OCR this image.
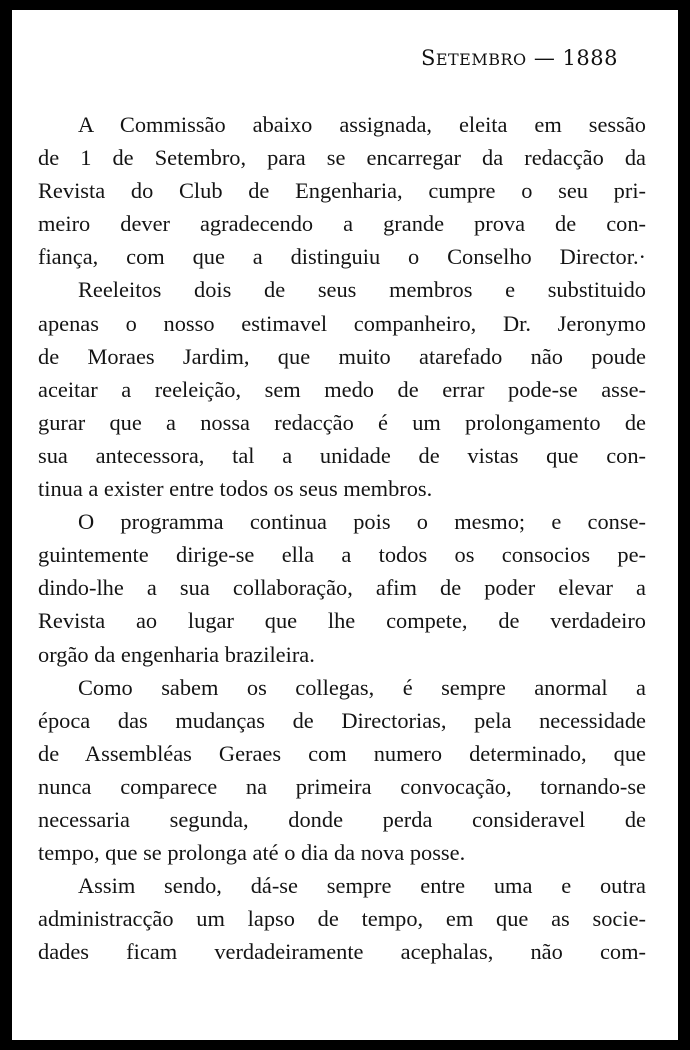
SETEMBRO — 1888
A Commissão abaixo assignada, eleita em sessão
de 1 de Setembro, para se encarregar da redacção da
Revista do Club de Engenharia, cumpre o seu pri-
meiro dever agradecendo a grande prova de con-
fiança, com que a distinguiu o Conselho Director.·
Reeleitos dois de seus membros e substituido
apenas o nosso estimavel companheiro, Dr. Jeronymo
de Moraes Jardim, que muito atarefado não poude
aceitar a reeleição, sem medo de errar pode-se asse-
gurar que a nossa redacção é um prolongamento de
sua antecessora, tal a unidade de vistas que con-
tinua a exister entre todos os seus membros.
O programma continua pois o mesmo; e conse-
guintemente dirige-se ella a todos os consocios pe-
dindo-lhe a sua collaboração, afim de poder elevar a
Revista ao lugar que lhe compete, de verdadeiro
orgão da engenharia brazileira.
Como sabem os collegas, é sempre anormal a
época das mudanças de Directorias, pela necessidade
de Assembléas Geraes com numero determinado, que
nunca comparece na primeira convocação, tornando-se
necessaria segunda, donde perda consideravel de
tempo, que se prolonga até o dia da nova posse.
Assim sendo, dá-se sempre entre uma e outra
administracção um lapso de tempo, em que as socie-
dades ficam verdadeiramente acephalas, não com-
